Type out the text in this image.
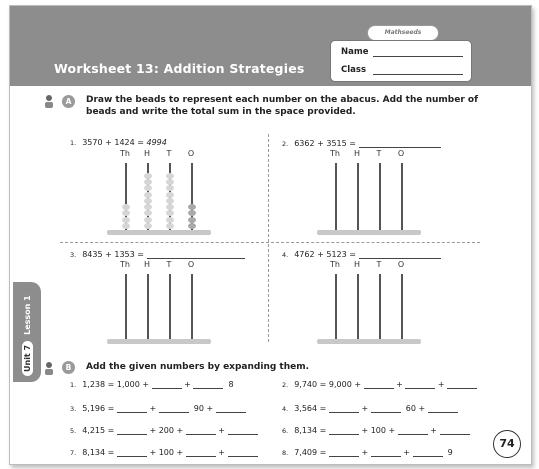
Worksheet 13: Addition Strategies
Mathseeds
Name
Class
Unit 7
Lesson 1
A	Draw the beads to represent each number on the abacus. Add the number of
beads and write the total sum in the space provided.
1. 3570 + 1424 = 4994
Th	H	T	O
2. 6362 + 3515 =
Th	H	T	O
3. 8435 + 1353 =
Th	H	T	O
4. 4762 + 5123 =
Th	H	T	O
B	Add the given numbers by expanding them.
1. 1,238 = 1,000 +	+	8	2. 9,740 = 9,000 +	+	+
3. 5,196 =	+	90 +	4. 3,564 =	+	60 +
5. 4,215 =	+ 200 +	+	6. 8,134 =	+ 100 +	+
7. 8,134 =	+ 100 +	+	8. 7,409 =	+	+	9
74
